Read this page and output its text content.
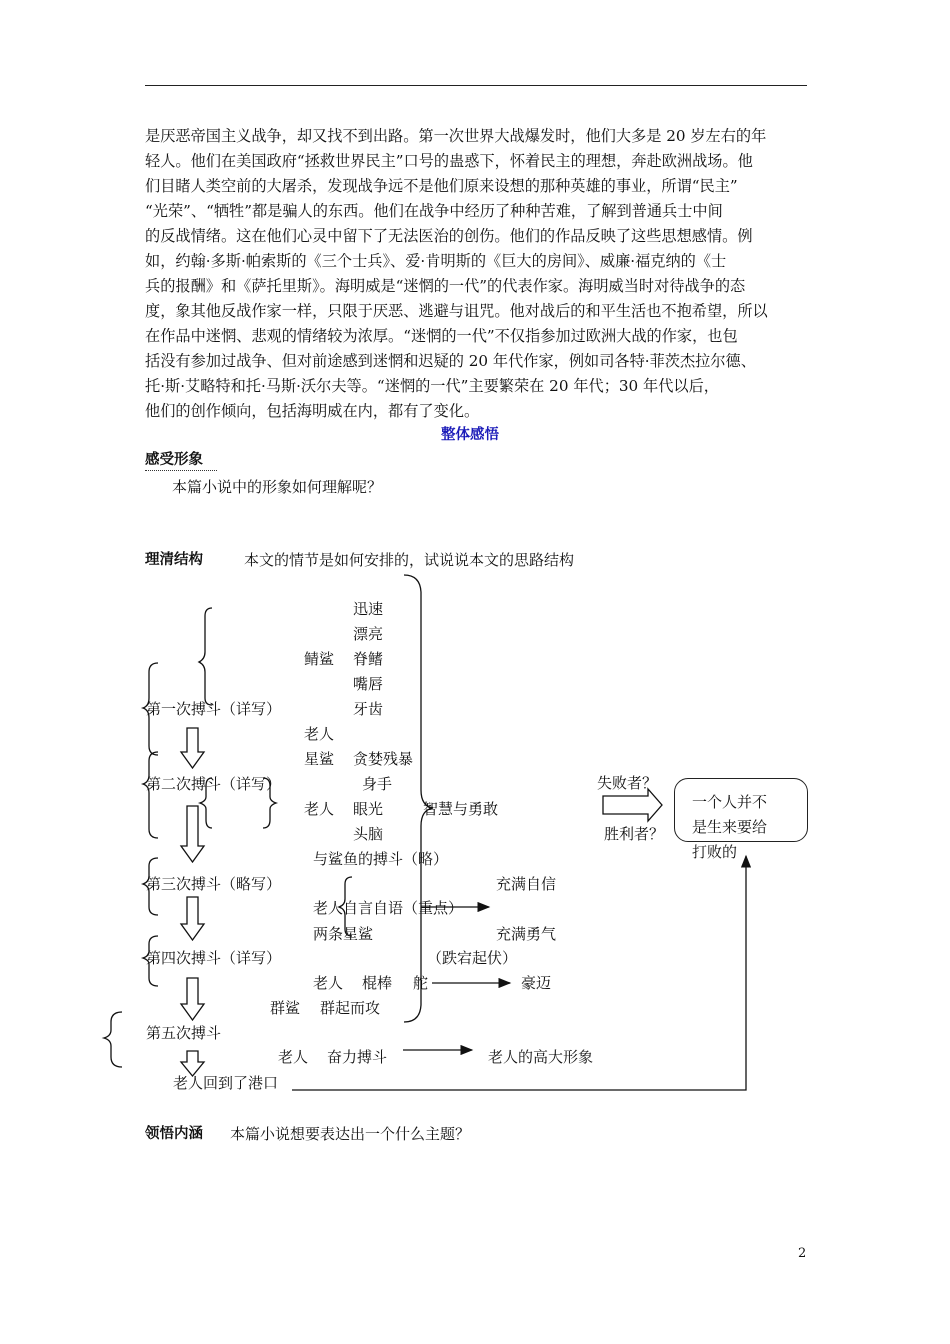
是厌恶帝国主义战争，却又找不到出路。第一次世界大战爆发时，他们大多是 20 岁左右的年

轻人。他们在美国政府“拯救世界民主”口号的蛊惑下，怀着民主的理想，奔赴欧洲战场。他

们目睹人类空前的大屠杀，发现战争远不是他们原来设想的那种英雄的事业，所谓“民主”

“光荣”、“牺牲”都是骗人的东西。他们在战争中经历了种种苦难，了解到普通兵士中间

的反战情绪。这在他们心灵中留下了无法医治的创伤。他们的作品反映了这些思想感情。例

如，约翰·多斯·帕索斯的《三个士兵》、爱·肯明斯的《巨大的房间》、威廉·福克纳的《士

兵的报酬》和《萨托里斯》。海明威是“迷惘的一代”的代表作家。海明威当时对待战争的态

度，象其他反战作家一样，只限于厌恶、逃避与诅咒。他对战后的和平生活也不抱希望，所以

在作品中迷惘、悲观的情绪较为浓厚。“迷惘的一代”不仅指参加过欧洲大战的作家，也包

括没有参加过战争、但对前途感到迷惘和迟疑的 20 年代作家，例如司各特·菲茨杰拉尔德、

托·斯·艾略特和托·马斯·沃尔夫等。“迷惘的一代”主要繁荣在 20 年代；30 年代以后，

他们的创作倾向，包括海明威在内，都有了变化。

整体感悟
感受形象
本篇小说中的形象如何理解呢？
理清结构	本文的情节是如何安排的，试说说本文的思路结构
迅速
漂亮
鲭鲨 脊鳍
嘴唇
第一次搏斗（详写）	牙齿
老人
星鲨 贪婪残暴
第二次搏斗（详写）	身手
老人 眼光	智慧与勇敢
头脑
与鲨鱼的搏斗（略）
第三次搏斗（略写）	充满自信
老人自言自语（重点）
两条星鲨	充满勇气
第四次搏斗（详写）	（跌宕起伏）
老人 棍棒 舵	豪迈
群鲨 群起而攻
第五次搏斗
老人 奋力搏斗	老人的高大形象
老人回到了港口
失败者？
胜利者？
一个人并不
是生来要给
打败的
领悟内涵 本篇小说想要表达出一个什么主题？
2
